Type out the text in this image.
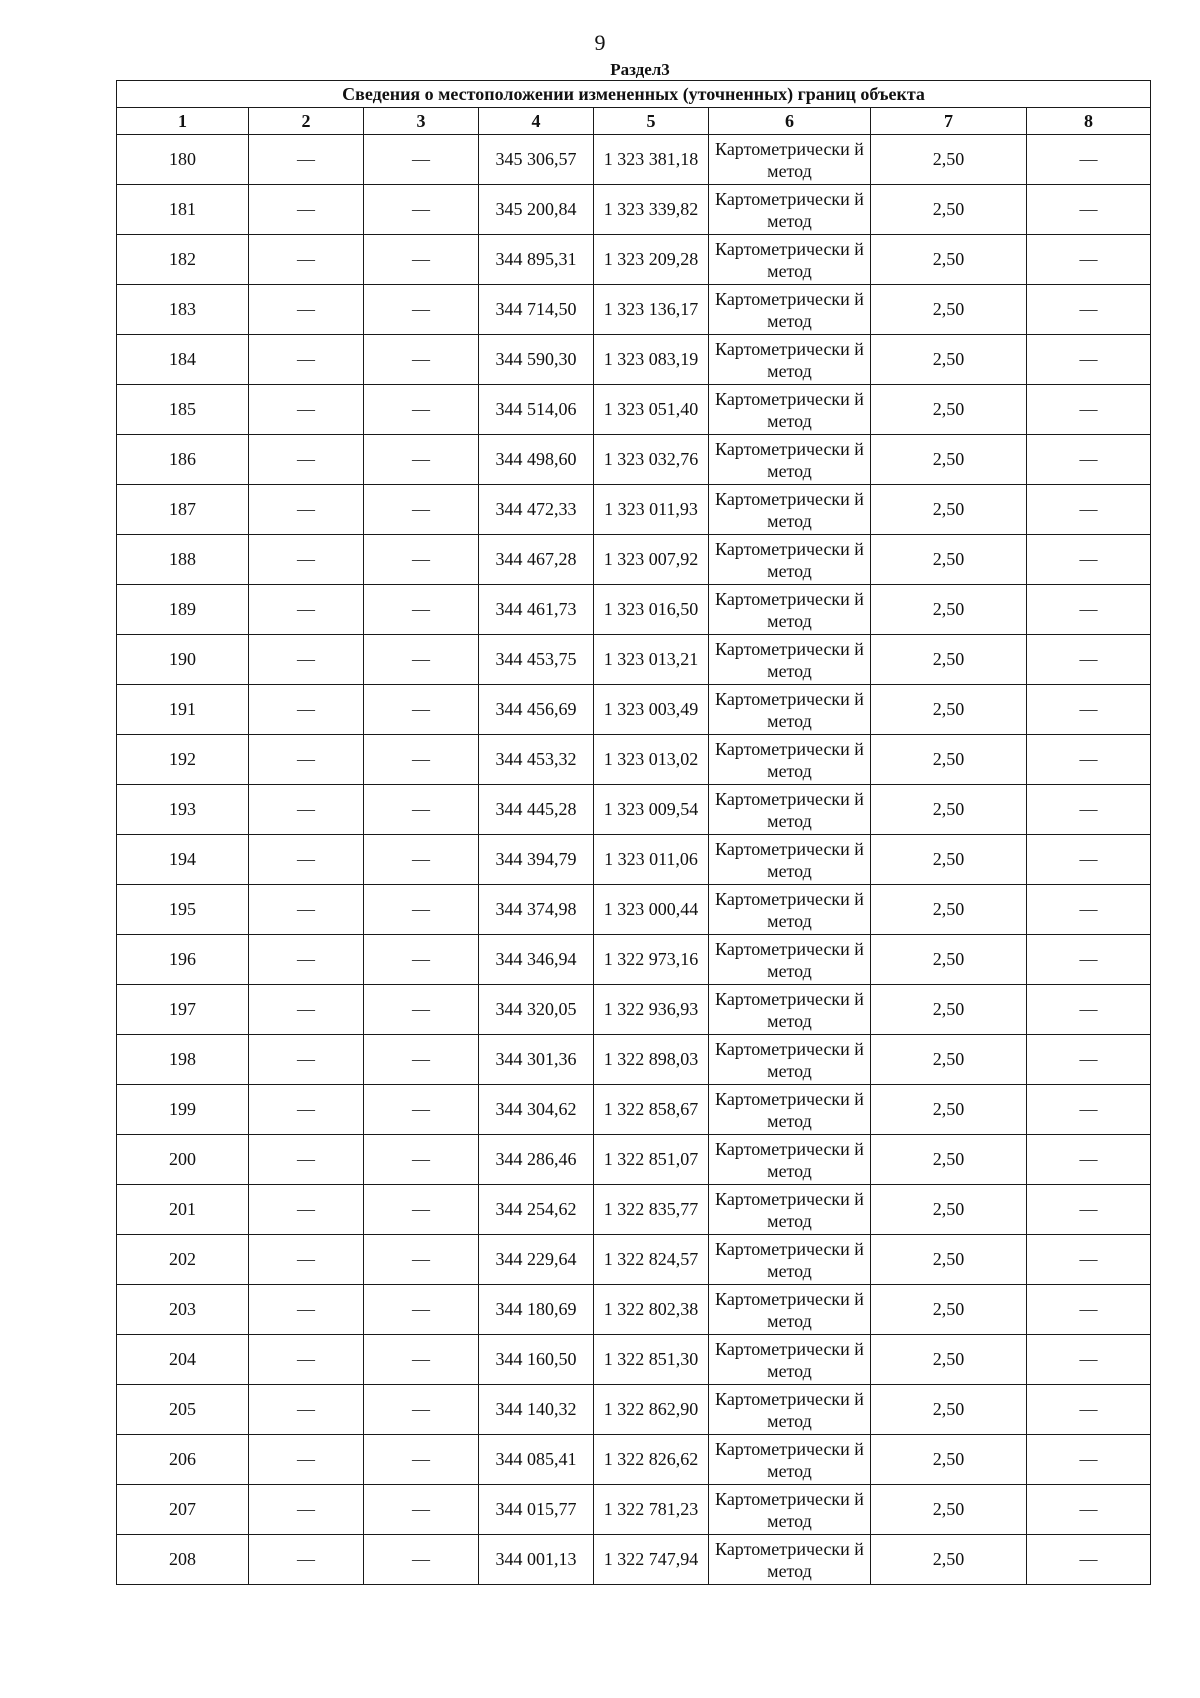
9
Раздел3
Сведения о местоположении измененных (уточненных) границ объекта							
1	2	3	4	5	6	7	8
180	—	—	345 306,57	1 323 381,18	Картометрически й метод	2,50	—
181	—	—	345 200,84	1 323 339,82	Картометрически й метод	2,50	—
182	—	—	344 895,31	1 323 209,28	Картометрически й метод	2,50	—
183	—	—	344 714,50	1 323 136,17	Картометрически й метод	2,50	—
184	—	—	344 590,30	1 323 083,19	Картометрически й метод	2,50	—
185	—	—	344 514,06	1 323 051,40	Картометрически й метод	2,50	—
186	—	—	344 498,60	1 323 032,76	Картометрически й метод	2,50	—
187	—	—	344 472,33	1 323 011,93	Картометрически й метод	2,50	—
188	—	—	344 467,28	1 323 007,92	Картометрически й метод	2,50	—
189	—	—	344 461,73	1 323 016,50	Картометрически й метод	2,50	—
190	—	—	344 453,75	1 323 013,21	Картометрически й метод	2,50	—
191	—	—	344 456,69	1 323 003,49	Картометрически й метод	2,50	—
192	—	—	344 453,32	1 323 013,02	Картометрически й метод	2,50	—
193	—	—	344 445,28	1 323 009,54	Картометрически й метод	2,50	—
194	—	—	344 394,79	1 323 011,06	Картометрически й метод	2,50	—
195	—	—	344 374,98	1 323 000,44	Картометрически й метод	2,50	—
196	—	—	344 346,94	1 322 973,16	Картометрически й метод	2,50	—
197	—	—	344 320,05	1 322 936,93	Картометрически й метод	2,50	—
198	—	—	344 301,36	1 322 898,03	Картометрически й метод	2,50	—
199	—	—	344 304,62	1 322 858,67	Картометрически й метод	2,50	—
200	—	—	344 286,46	1 322 851,07	Картометрически й метод	2,50	—
201	—	—	344 254,62	1 322 835,77	Картометрически й метод	2,50	—
202	—	—	344 229,64	1 322 824,57	Картометрически й метод	2,50	—
203	—	—	344 180,69	1 322 802,38	Картометрически й метод	2,50	—
204	—	—	344 160,50	1 322 851,30	Картометрически й метод	2,50	—
205	—	—	344 140,32	1 322 862,90	Картометрически й метод	2,50	—
206	—	—	344 085,41	1 322 826,62	Картометрически й метод	2,50	—
207	—	—	344 015,77	1 322 781,23	Картометрически й метод	2,50	—
208	—	—	344 001,13	1 322 747,94	Картометрически й метод	2,50	—
